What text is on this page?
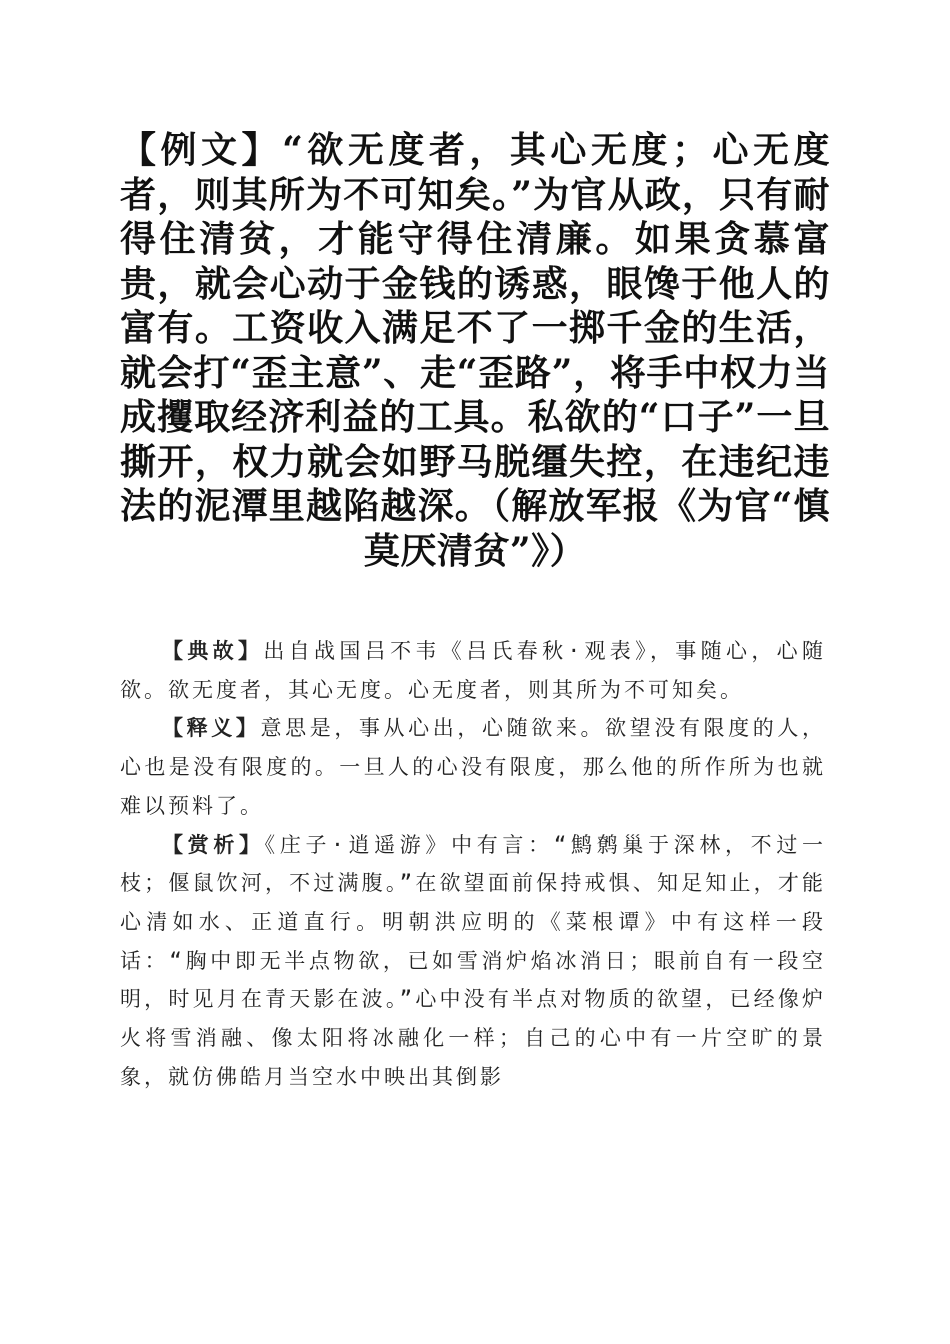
【例文】“欲无度者，其心无度；心无度者，则其所为不可知矣。”为官从政，只有耐得住清贫，才能守得住清廉。如果贪慕富贵，就会心动于金钱的诱惑，眼馋于他人的富有。工资收入满足不了一掷千金的生活，就会打“歪主意”、走“歪路”，将手中权力当成攫取经济利益的工具。私欲的“口子”一旦撕开，权力就会如野马脱缰失控，在违纪违法的泥潭里越陷越深。（解放军报《为官“慎莫厌清贫”》）

【典故】出自战国吕不韦《吕氏春秋·观表》，事随心，心随欲。欲无度者，其心无度。心无度者，则其所为不可知矣。

【释义】意思是，事从心出，心随欲来。欲望没有限度的人，心也是没有限度的。一旦人的心没有限度，那么他的所作所为也就难以预料了。

【赏析】《庄子·逍遥游》中有言：“鹪鹩巢于深林，不过一枝；偃鼠饮河，不过满腹。”在欲望面前保持戒惧、知足知止，才能心清如水、正道直行。明朝洪应明的《菜根谭》中有这样一段话：“胸中即无半点物欲，已如雪消炉焰冰消日；眼前自有一段空明，时见月在青天影在波。”心中没有半点对物质的欲望，已经像炉火将雪消融、像太阳将冰融化一样；自己的心中有一片空旷的景象，就仿佛皓月当空水中映出其倒影
